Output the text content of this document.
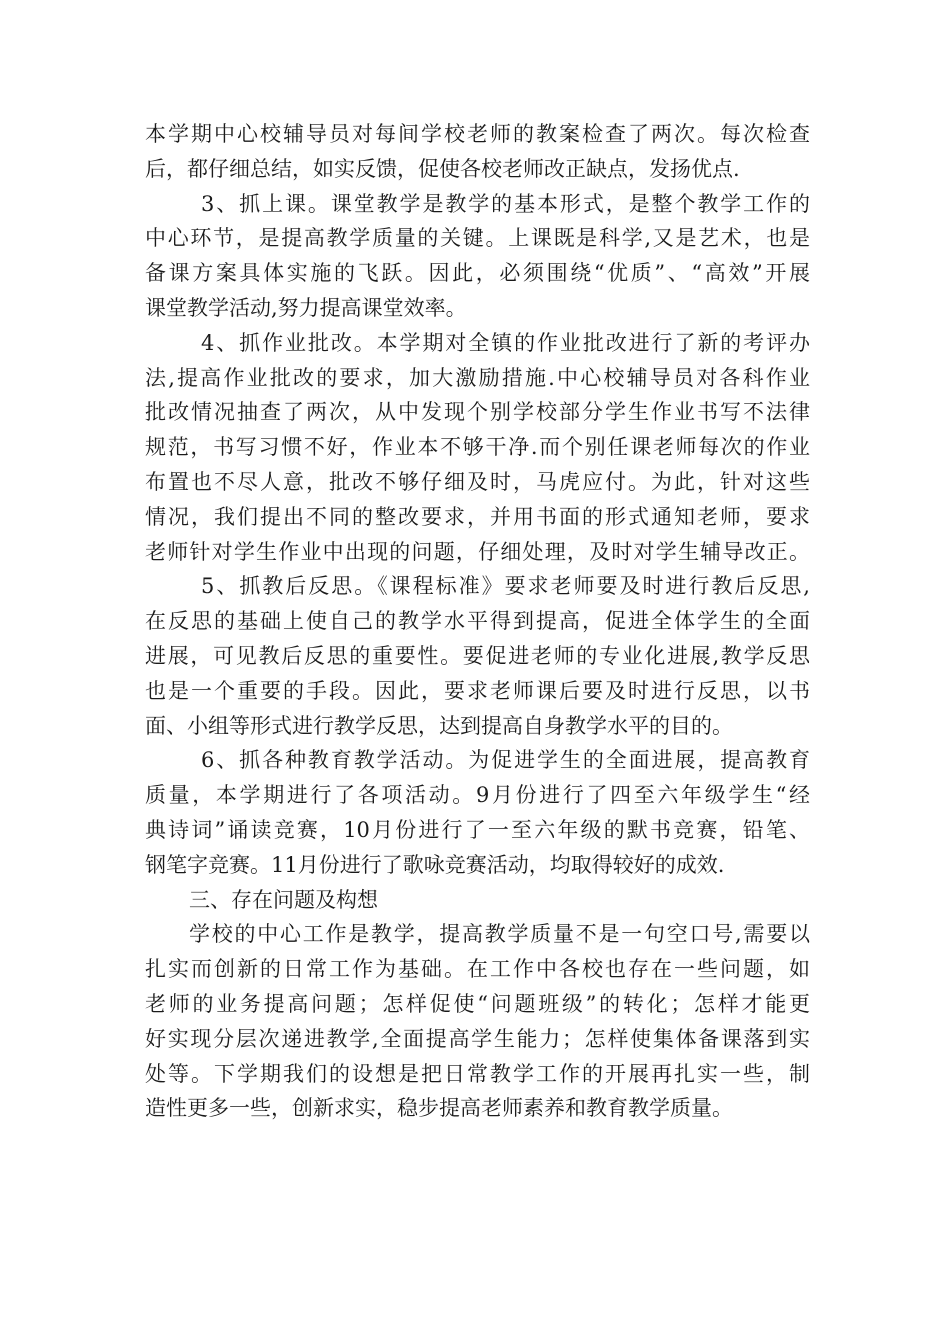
本学期中心校辅导员对每间学校老师的教案检查了两次。每次检查
后，都仔细总结，如实反馈，促使各校老师改正缺点，发扬优点.
3、抓上课。课堂教学是教学的基本形式，是整个教学工作的
中心环节，是提高教学质量的关键。上课既是科学,又是艺术，也是
备课方案具体实施的飞跃。因此，必须围绕“优质”、“高效”开展
课堂教学活动,努力提高课堂效率。
4、抓作业批改。本学期对全镇的作业批改进行了新的考评办
法,提高作业批改的要求，加大激励措施.中心校辅导员对各科作业
批改情况抽查了两次，从中发现个别学校部分学生作业书写不法律
规范，书写习惯不好，作业本不够干净.而个别任课老师每次的作业
布置也不尽人意，批改不够仔细及时，马虎应付。为此，针对这些
情况，我们提出不同的整改要求，并用书面的形式通知老师，要求
老师针对学生作业中出现的问题，仔细处理，及时对学生辅导改正。
5、抓教后反思。《课程标准》要求老师要及时进行教后反思,
在反思的基础上使自己的教学水平得到提高，促进全体学生的全面
进展，可见教后反思的重要性。要促进老师的专业化进展,教学反思
也是一个重要的手段。因此，要求老师课后要及时进行反思，以书
面、小组等形式进行教学反思，达到提高自身教学水平的目的。
6、抓各种教育教学活动。为促进学生的全面进展，提高教育
质量，本学期进行了各项活动。9月份进行了四至六年级学生“经
典诗词”诵读竞赛，10月份进行了一至六年级的默书竞赛，铅笔、
钢笔字竞赛。11月份进行了歌咏竞赛活动，均取得较好的成效.
三、存在问题及构想
学校的中心工作是教学，提高教学质量不是一句空口号,需要以
扎实而创新的日常工作为基础。在工作中各校也存在一些问题，如
老师的业务提高问题；怎样促使“问题班级”的转化；怎样才能更
好实现分层次递进教学,全面提高学生能力；怎样使集体备课落到实
处等。下学期我们的设想是把日常教学工作的开展再扎实一些，制
造性更多一些，创新求实，稳步提高老师素养和教育教学质量。
